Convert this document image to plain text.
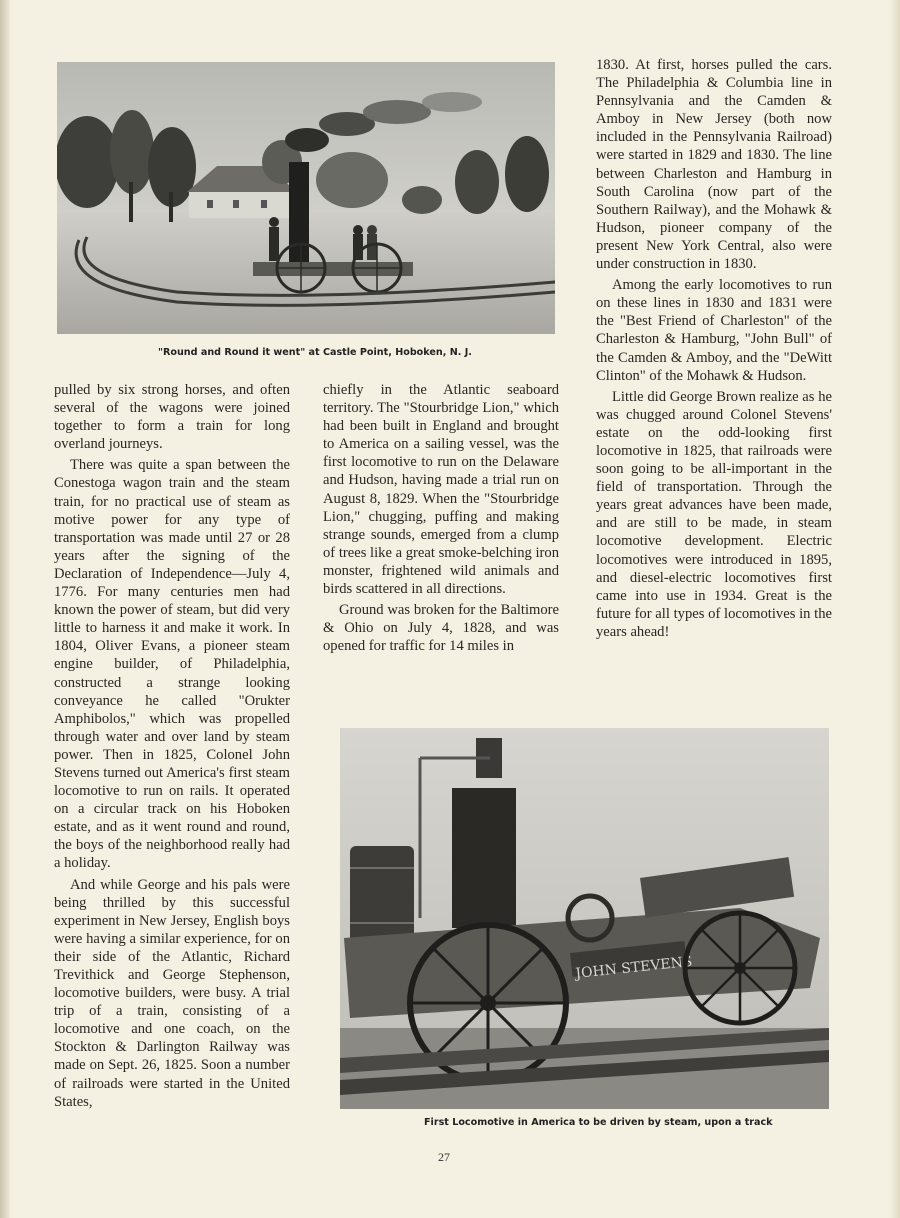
"Round and Round it went" at Castle Point, Hoboken, N. J.

pulled by six strong horses, and often several of the wagons were joined together to form a train for long overland journeys.

There was quite a span between the Conestoga wagon train and the steam train, for no practical use of steam as motive power for any type of transportation was made until 27 or 28 years after the signing of the Declaration of Independence—July 4, 1776. For many centuries men had known the power of steam, but did very little to harness it and make it work. In 1804, Oliver Evans, a pioneer steam engine builder, of Philadelphia, constructed a strange looking conveyance he called "Orukter Amphibolos," which was propelled through water and over land by steam power. Then in 1825, Colonel John Stevens turned out America's first steam locomotive to run on rails. It operated on a circular track on his Hoboken estate, and as it went round and round, the boys of the neighborhood really had a holiday.

And while George and his pals were being thrilled by this successful experiment in New Jersey, English boys were having a similar experience, for on their side of the Atlantic, Richard Trevithick and George Stephenson, locomotive builders, were busy. A trial trip of a train, consisting of a locomotive and one coach, on the Stockton & Darlington Railway was made on Sept. 26, 1825. Soon a number of railroads were started in the United States,

chiefly in the Atlantic seaboard territory. The "Stourbridge Lion," which had been built in England and brought to America on a sailing vessel, was the first locomotive to run on the Delaware and Hudson, having made a trial run on August 8, 1829. When the "Stourbridge Lion," chugging, puffing and making strange sounds, emerged from a clump of trees like a great smoke-belching iron monster, frightened wild animals and birds scattered in all directions.

Ground was broken for the Baltimore & Ohio on July 4, 1828, and was opened for traffic for 14 miles in

1830. At first, horses pulled the cars. The Philadelphia & Columbia line in Pennsylvania and the Camden & Amboy in New Jersey (both now included in the Pennsylvania Railroad) were started in 1829 and 1830. The line between Charleston and Hamburg in South Carolina (now part of the Southern Railway), and the Mohawk & Hudson, pioneer company of the present New York Central, also were under construction in 1830.

Among the early locomotives to run on these lines in 1830 and 1831 were the "Best Friend of Charleston" of the Charleston & Hamburg, "John Bull" of the Camden & Amboy, and the "DeWitt Clinton" of the Mohawk & Hudson.

Little did George Brown realize as he was chugged around Colonel Stevens' estate on the odd-looking first locomotive in 1825, that railroads were soon going to be all-important in the field of transportation. Through the years great advances have been made, and are still to be made, in steam locomotive development. Electric locomotives were introduced in 1895, and diesel-electric locomotives first came into use in 1934. Great is the future for all types of locomotives in the years ahead!

JOHN STEVENS
First Locomotive in America to be driven by steam, upon a track
27
